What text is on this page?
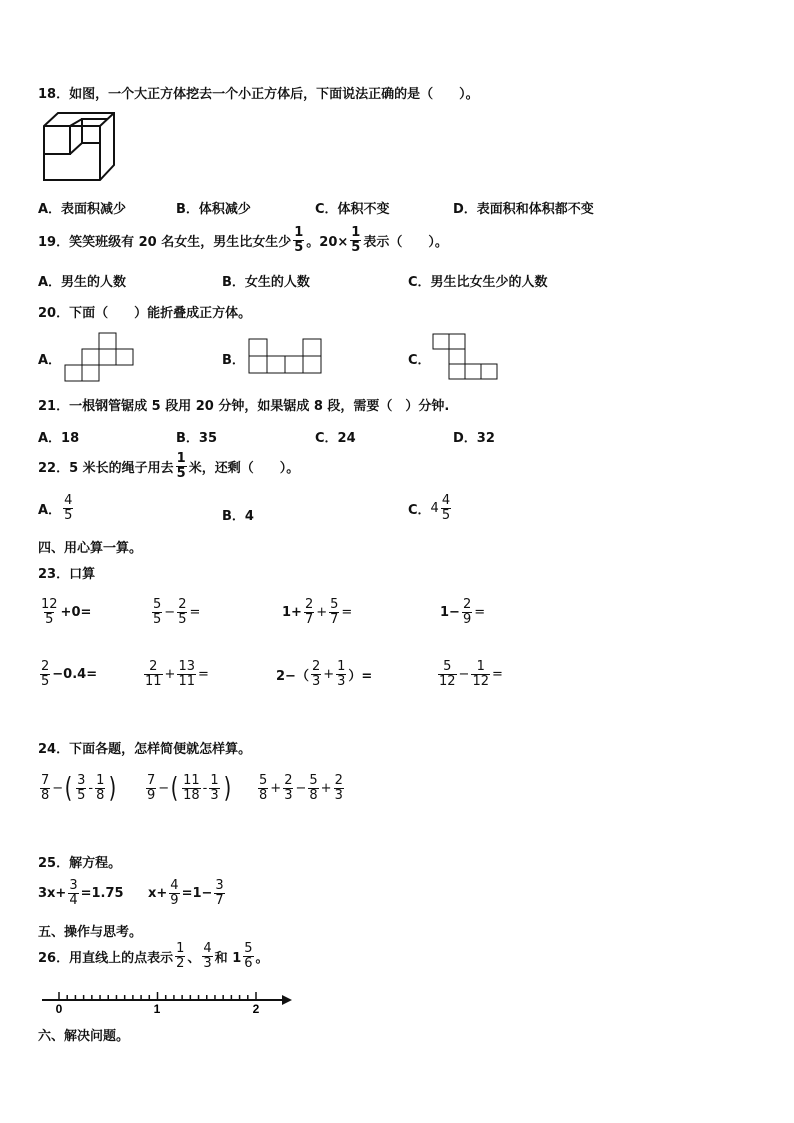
18．如图，一个大正方体挖去一个小正方体后，下面说法正确的是（　　）。
A．表面积减少	B．体积减少	C．体积不变	D．表面积和体积都不变
19．笑笑班级有 20 名女生，男生比女生少 $\frac{1}{5}$ 。$20\times \frac{1}{5}$ 表示（　　）。
A．男生的人数	B．女生的人数	C．男生比女生少的人数
20．下面（　　）能折叠成正方体。
A．	B．	C．
21．一根钢管锯成 5 段用 20 分钟，如果锯成 8 段，需要（　）分钟.
A．18	B．35	C．24	D．32
22．5 米长的绳子用去 $\frac{1}{5}$ 米，还剩（　　）。
A． $\frac{4}{5}$	B．4	C． $4 \frac{4}{5}$
四、用心算一算。
23．口算
$\frac{12}{5} +0=$	$\frac{5}{5} - \frac{2}{5}$ =	$1+ \frac{2}{7} + \frac{5}{7}$ =	$1- \frac{2}{9}$ =
$\frac{2}{5} -0.4=$	$\frac{2}{11} + \frac{13}{11}$ =	$2-( \frac{2}{3} + \frac{1}{3}$ ）=	$\frac{5}{12} - \frac{1}{12}$ =
24．下面各题，怎样简便就怎样算。
$\frac{7}{8}$ − ( $\frac{3}{5} - \frac{1}{8}$ ) $\frac{7}{9}$ − ( $\frac{11}{18} - \frac{1}{3}$ ) $\frac{5}{8} + \frac{2}{3} - \frac{5}{8} + \frac{2}{3}$
25．解方程。
$3x+ \frac{3}{4} =1.75$ $x+ \frac{4}{9} =1- \frac{3}{7}$
五、操作与思考。
26．用直线上的点表示 $\frac{1}{2}$ 、 $\frac{4}{3}$ 和 $1 \frac{5}{6}$ 。
0	1	2
六、解决问题。
